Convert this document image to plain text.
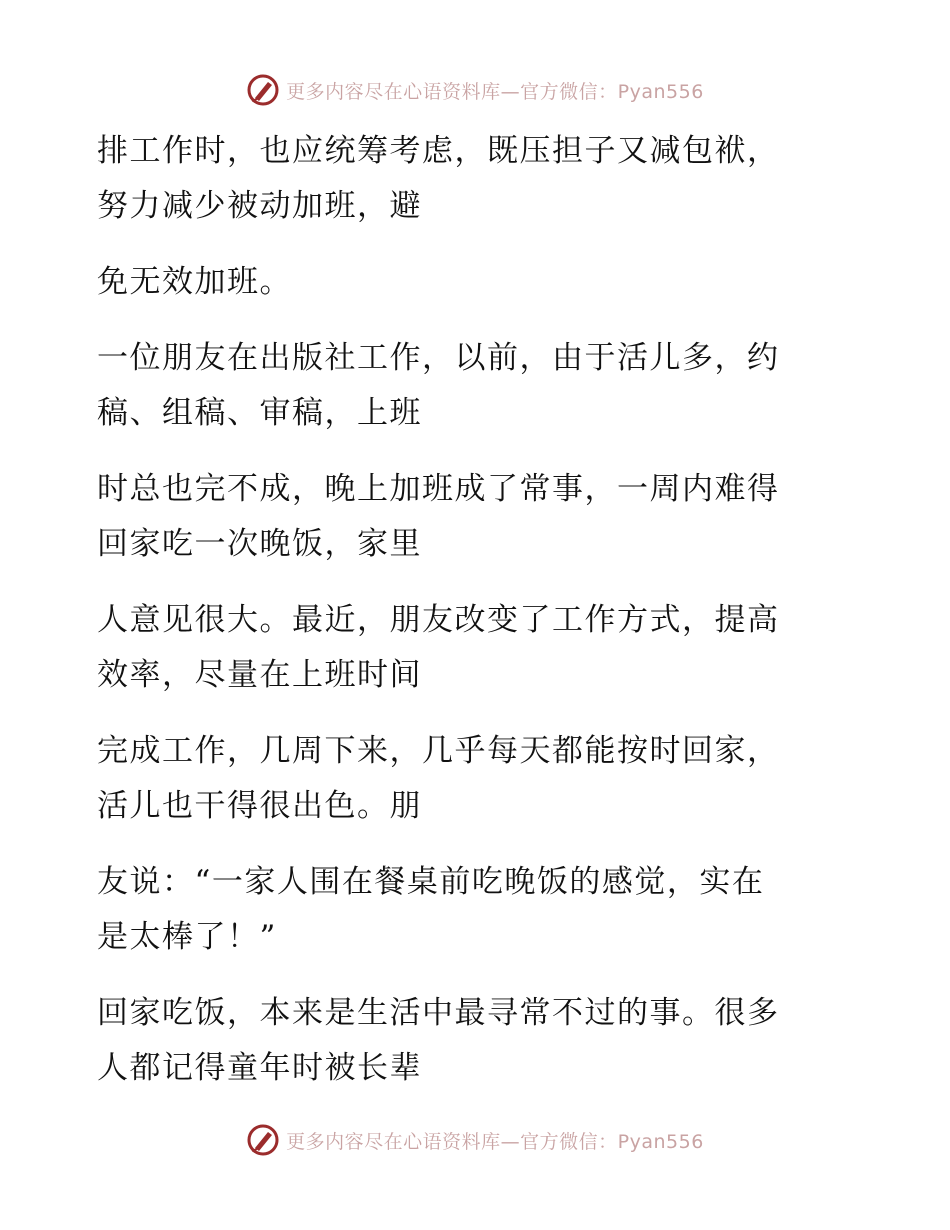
更多内容尽在心语资料库—官方微信：Pyan556

排工作时，也应统筹考虑，既压担子又减包袱，
努力减少被动加班，避

免无效加班。

一位朋友在出版社工作，以前，由于活儿多，约
稿、组稿、审稿，上班

时总也完不成，晚上加班成了常事，一周内难得
回家吃一次晚饭，家里

人意见很大。最近，朋友改变了工作方式，提高
效率，尽量在上班时间

完成工作，几周下来，几乎每天都能按时回家，
活儿也干得很出色。朋

友说：“一家人围在餐桌前吃晚饭的感觉，实在
是太棒了！”

回家吃饭，本来是生活中最寻常不过的事。很多
人都记得童年时被长辈

更多内容尽在心语资料库—官方微信：Pyan556
